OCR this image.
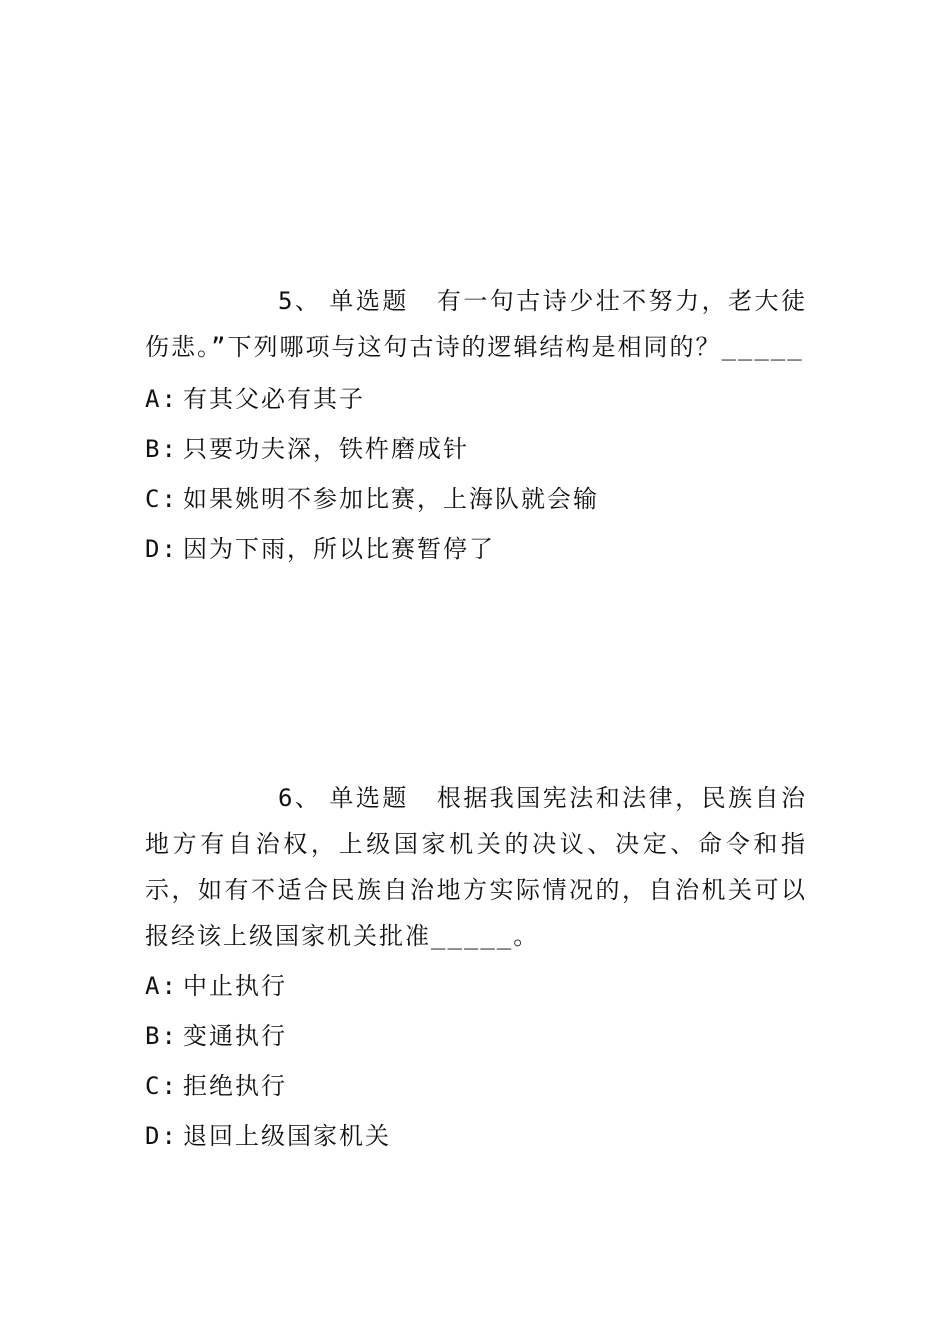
5、 单选题 有一句古诗少壮不努力，老大徒伤悲。”下列哪项与这句古诗的逻辑结构是相同的？_____

A: 有其父必有其子
B: 只要功夫深，铁杵磨成针
C: 如果姚明不参加比赛，上海队就会输
D: 因为下雨，所以比赛暂停了

6、 单选题 根据我国宪法和法律，民族自治地方有自治权，上级国家机关的决议、决定、命令和指示，如有不适合民族自治地方实际情况的，自治机关可以报经该上级国家机关批准_____。

A: 中止执行
B: 变通执行
C: 拒绝执行
D: 退回上级国家机关
